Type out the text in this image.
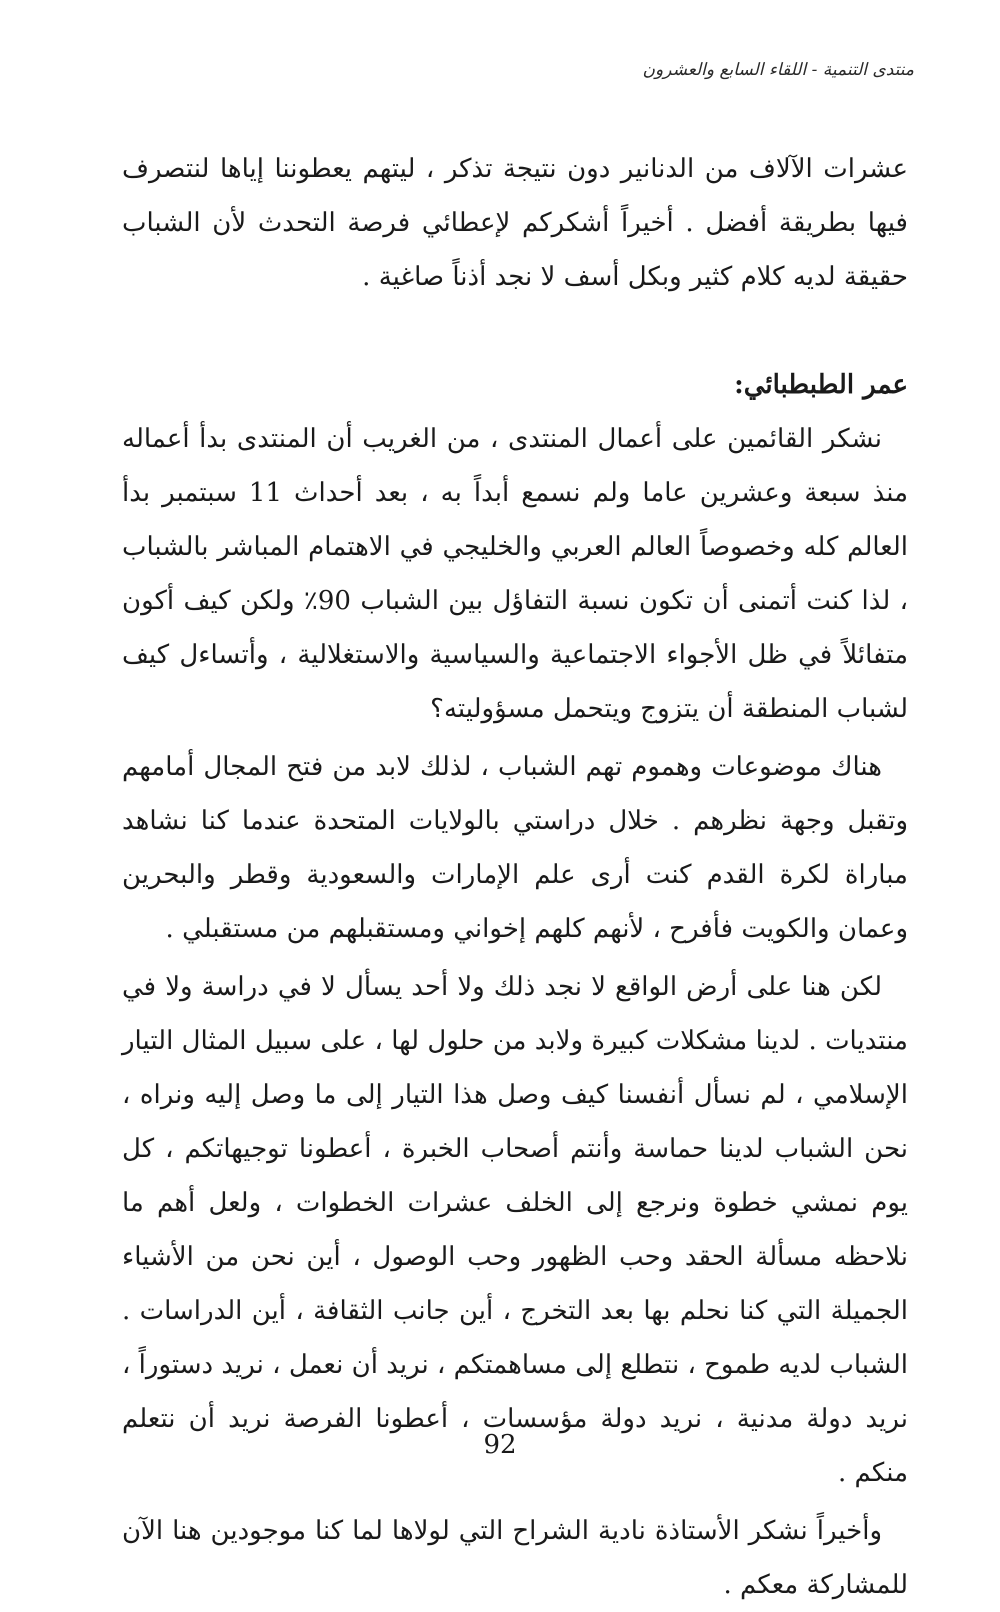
منتدى التنمية - اللقاء السابع والعشرون

عشرات الآلاف من الدنانير دون نتيجة تذكر ، ليتهم يعطوننا إياها لنتصرف فيها بطريقة أفضل . أخيراً أشكركم لإعطائي فرصة التحدث لأن الشباب حقيقة لديه كلام كثير وبكل أسف لا نجد أذناً صاغية .

عمر الطبطبائي:

نشكر القائمين على أعمال المنتدى ، من الغريب أن المنتدى بدأ أعماله منذ سبعة وعشرين عاما ولم نسمع أبداً به ، بعد أحداث 11 سبتمبر بدأ العالم كله وخصوصاً العالم العربي والخليجي في الاهتمام المباشر بالشباب ، لذا كنت أتمنى أن تكون نسبة التفاؤل بين الشباب 90٪ ولكن كيف أكون متفائلاً في ظل الأجواء الاجتماعية والسياسية والاستغلالية ، وأتساءل كيف لشباب المنطقة أن يتزوج ويتحمل مسؤوليته؟

هناك موضوعات وهموم تهم الشباب ، لذلك لابد من فتح المجال أمامهم وتقبل وجهة نظرهم . خلال دراستي بالولايات المتحدة عندما كنا نشاهد مباراة لكرة القدم كنت أرى علم الإمارات والسعودية وقطر والبحرين وعمان والكويت فأفرح ، لأنهم كلهم إخواني ومستقبلهم من مستقبلي .

لكن هنا على أرض الواقع لا نجد ذلك ولا أحد يسأل لا في دراسة ولا في منتديات . لدينا مشكلات كبيرة ولابد من حلول لها ، على سبيل المثال التيار الإسلامي ، لم نسأل أنفسنا كيف وصل هذا التيار إلى ما وصل إليه ونراه ، نحن الشباب لدينا حماسة وأنتم أصحاب الخبرة ، أعطونا توجيهاتكم ، كل يوم نمشي خطوة ونرجع إلى الخلف عشرات الخطوات ، ولعل أهم ما نلاحظه مسألة الحقد وحب الظهور وحب الوصول ، أين نحن من الأشياء الجميلة التي كنا نحلم بها بعد التخرج ، أين جانب الثقافة ، أين الدراسات . الشباب لديه طموح ، نتطلع إلى مساهمتكم ، نريد أن نعمل ، نريد دستوراً ، نريد دولة مدنية ، نريد دولة مؤسسات ، أعطونا الفرصة نريد أن نتعلم منكم .

وأخيراً نشكر الأستاذة نادية الشراح التي لولاها لما كنا موجودين هنا الآن للمشاركة معكم .

92
